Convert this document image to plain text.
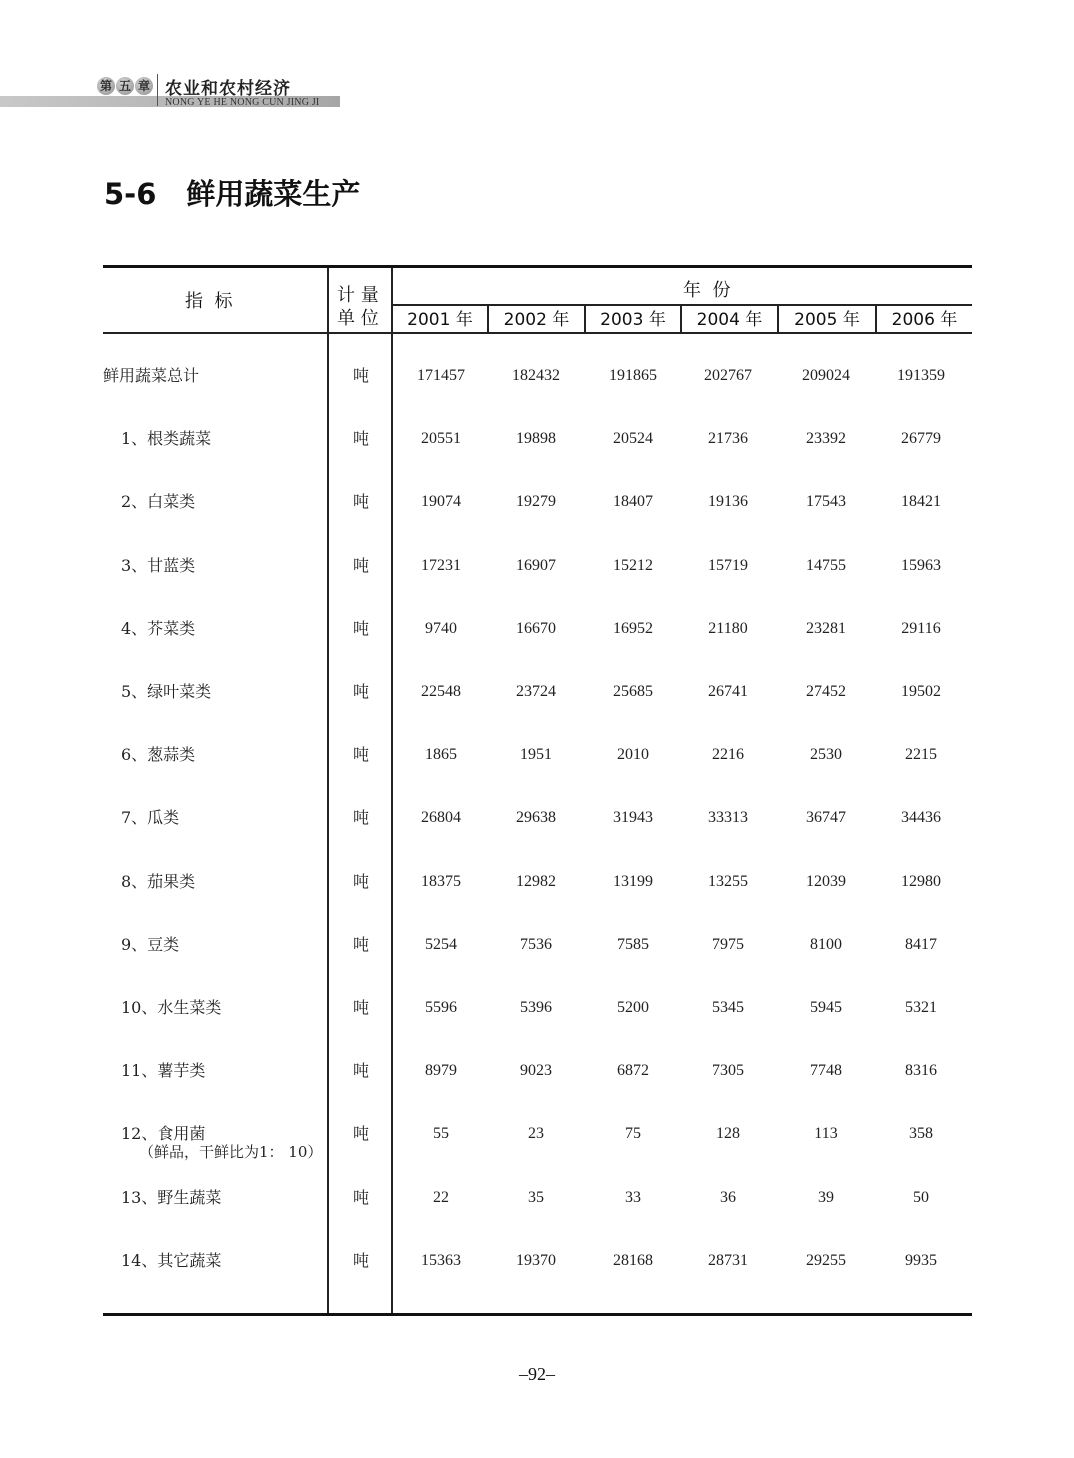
第 五 章 农业和农村经济
NONG YE HE NONG CUN JING JI
5-6 鲜用蔬菜生产
指  标	计 量
单 位
年  份
2001 年	2002 年	2003 年	2004 年	2005 年	2006 年
鲜用蔬菜总计	吨	171457	182432	191865	202767	209024	191359
1、根类蔬菜	吨	20551	19898	20524	21736	23392	26779
2、白菜类	吨	19074	19279	18407	19136	17543	18421
3、甘蓝类	吨	17231	16907	15212	15719	14755	15963
4、芥菜类	吨	9740	16670	16952	21180	23281	29116
5、绿叶菜类	吨	22548	23724	25685	26741	27452	19502
6、葱蒜类	吨	1865	1951	2010	2216	2530	2215
7、瓜类	吨	26804	29638	31943	33313	36747	34436
8、茄果类	吨	18375	12982	13199	13255	12039	12980
9、豆类	吨	5254	7536	7585	7975	8100	8417
10、水生菜类	吨	5596	5396	5200	5345	5945	5321
11、薯芋类	吨	8979	9023	6872	7305	7748	8316
12、食用菌
（鲜品，干鲜比为1： 10）
吨	55	23	75	128	113	358
13、野生蔬菜	吨	22	35	33	36	39	50
14、其它蔬菜	吨	15363	19370	28168	28731	29255	9935
–92–
